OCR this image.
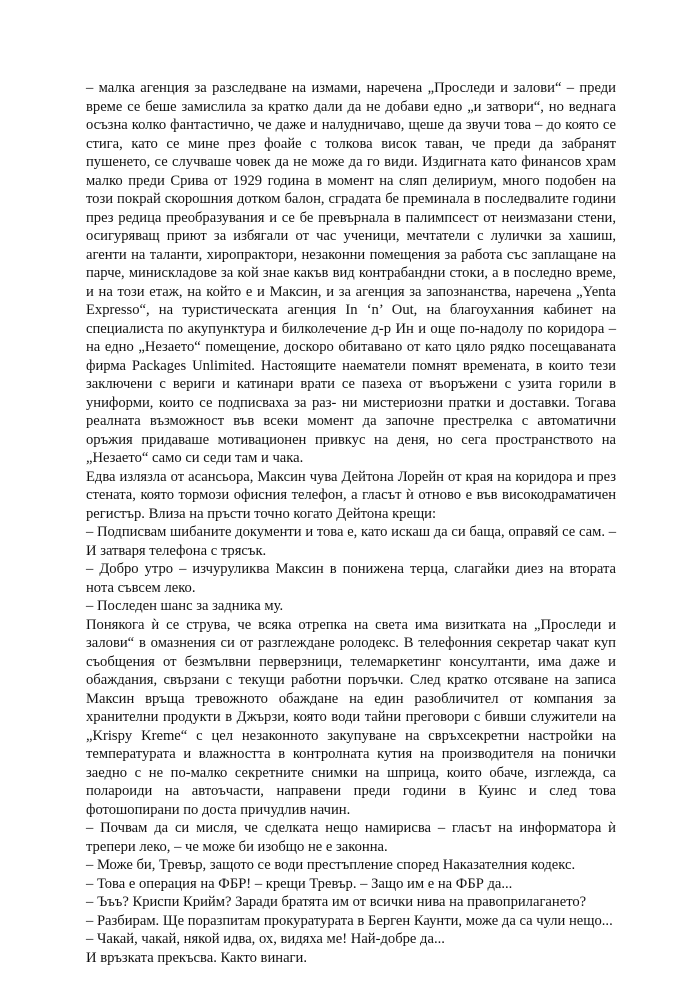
– малка агенция за разследване на измами, наречена „Проследи и залови“ – преди време се беше замислила за кратко дали да не добави едно „и затвори“, но веднага осъзна колко фантастично, че даже и налудничаво, щеше да звучи това – до която се стига, като се мине през фоайе с толкова висок таван, че преди да забранят пушенето, се случваше човек да не може да го види. Издигната като финансов храм малко преди Срива от 1929 година в момент на сляп делириум, много подобен на този покрай скорошния дотком балон, сградата бе преминала в последвалите години през редица преобразувания и се бе превърнала в палимпсест от неизмазани стени, осигуряващ приют за избягали от час ученици, мечтатели с лулички за хашиш, агенти на таланти, хиропрактори, незаконни помещения за работа със заплащане на парче, минискладове за кой знае какъв вид контрабандни стоки, а в последно време, и на този етаж, на който е и Максин, и за агенция за запознанства, наречена „Yenta Expresso“, на туристическата агенция In ‘n’ Out, на благоуханния кабинет на специалиста по акупунктура и билколечение д-р Ин и още по-надолу по коридора – на едно „Незаето“ помещение, доскоро обитавано от като цяло рядко посещаваната фирма Packages Unlimited. Настоящите наематели помнят времената, в които тези заключени с вериги и катинари врати се пазеха от въоръжени с узита горили в униформи, които се подписваха за раз- ни мистериозни пратки и доставки. Тогава реалната възможност във всеки момент да започне престрелка с автоматични оръжия придаваше мотивационен привкус на деня, но сега пространството на „Незаето“ само си седи там и чака.

Едва излязла от асансьора, Максин чува Дейтона Лорейн от края на коридора и през стената, която тормози офисния телефон, а гласът ѝ отново е във високодраматичен регистър. Влиза на пръсти точно когато Дейтона крещи:

– Подписвам шибаните документи и това е, като искаш да си баща, оправяй се сам. – И затваря телефона с трясък.

– Добро утро – изчуруликва Максин в понижена терца, слагайки диез на втората нота съвсем леко.

– Последен шанс за задника му.

Понякога ѝ се струва, че всяка отрепка на света има визитката на „Проследи и залови“ в омазнения си от разглеждане ролодекс. В телефонния секретар чакат куп съобщения от безмълвни перверзници, телемаркетинг консултанти, има даже и обаждания, свързани с текущи работни поръчки. След кратко отсяване на записа Максин връща тревожното обаждане на един разобличител от компания за хранителни продукти в Джързи, която води тайни преговори с бивши служители на „Krispy Kreme“ с цел незаконното закупуване на свръхсекретни настройки на температурата и влажността в контролната кутия на производителя на понички заедно с не по-малко секретните снимки на шприца, които обаче, изглежда, са полароиди на автоъчасти, направени преди години в Куинс и след това фотошопирани по доста причудлив начин.

– Почвам да си мисля, че сделката нещо намирисва – гласът на информатора ѝ трепери леко, – че може би изобщо не е законна.

– Може би, Тревър, защото се води престъпление според Наказателния кодекс.

– Това е операция на ФБР! – крещи Тревър. – Защо им е на ФБР да...

– Ъъъ? Криспи Крийм? Заради братята им от всички нива на правоприлагането?

– Разбирам. Ще поразпитам прокуратурата в Берген Каунти, може да са чули нещо...

– Чакай, чакай, някой идва, ох, видяха ме! Най-добре да...

И връзката прекъсва. Както винаги.
